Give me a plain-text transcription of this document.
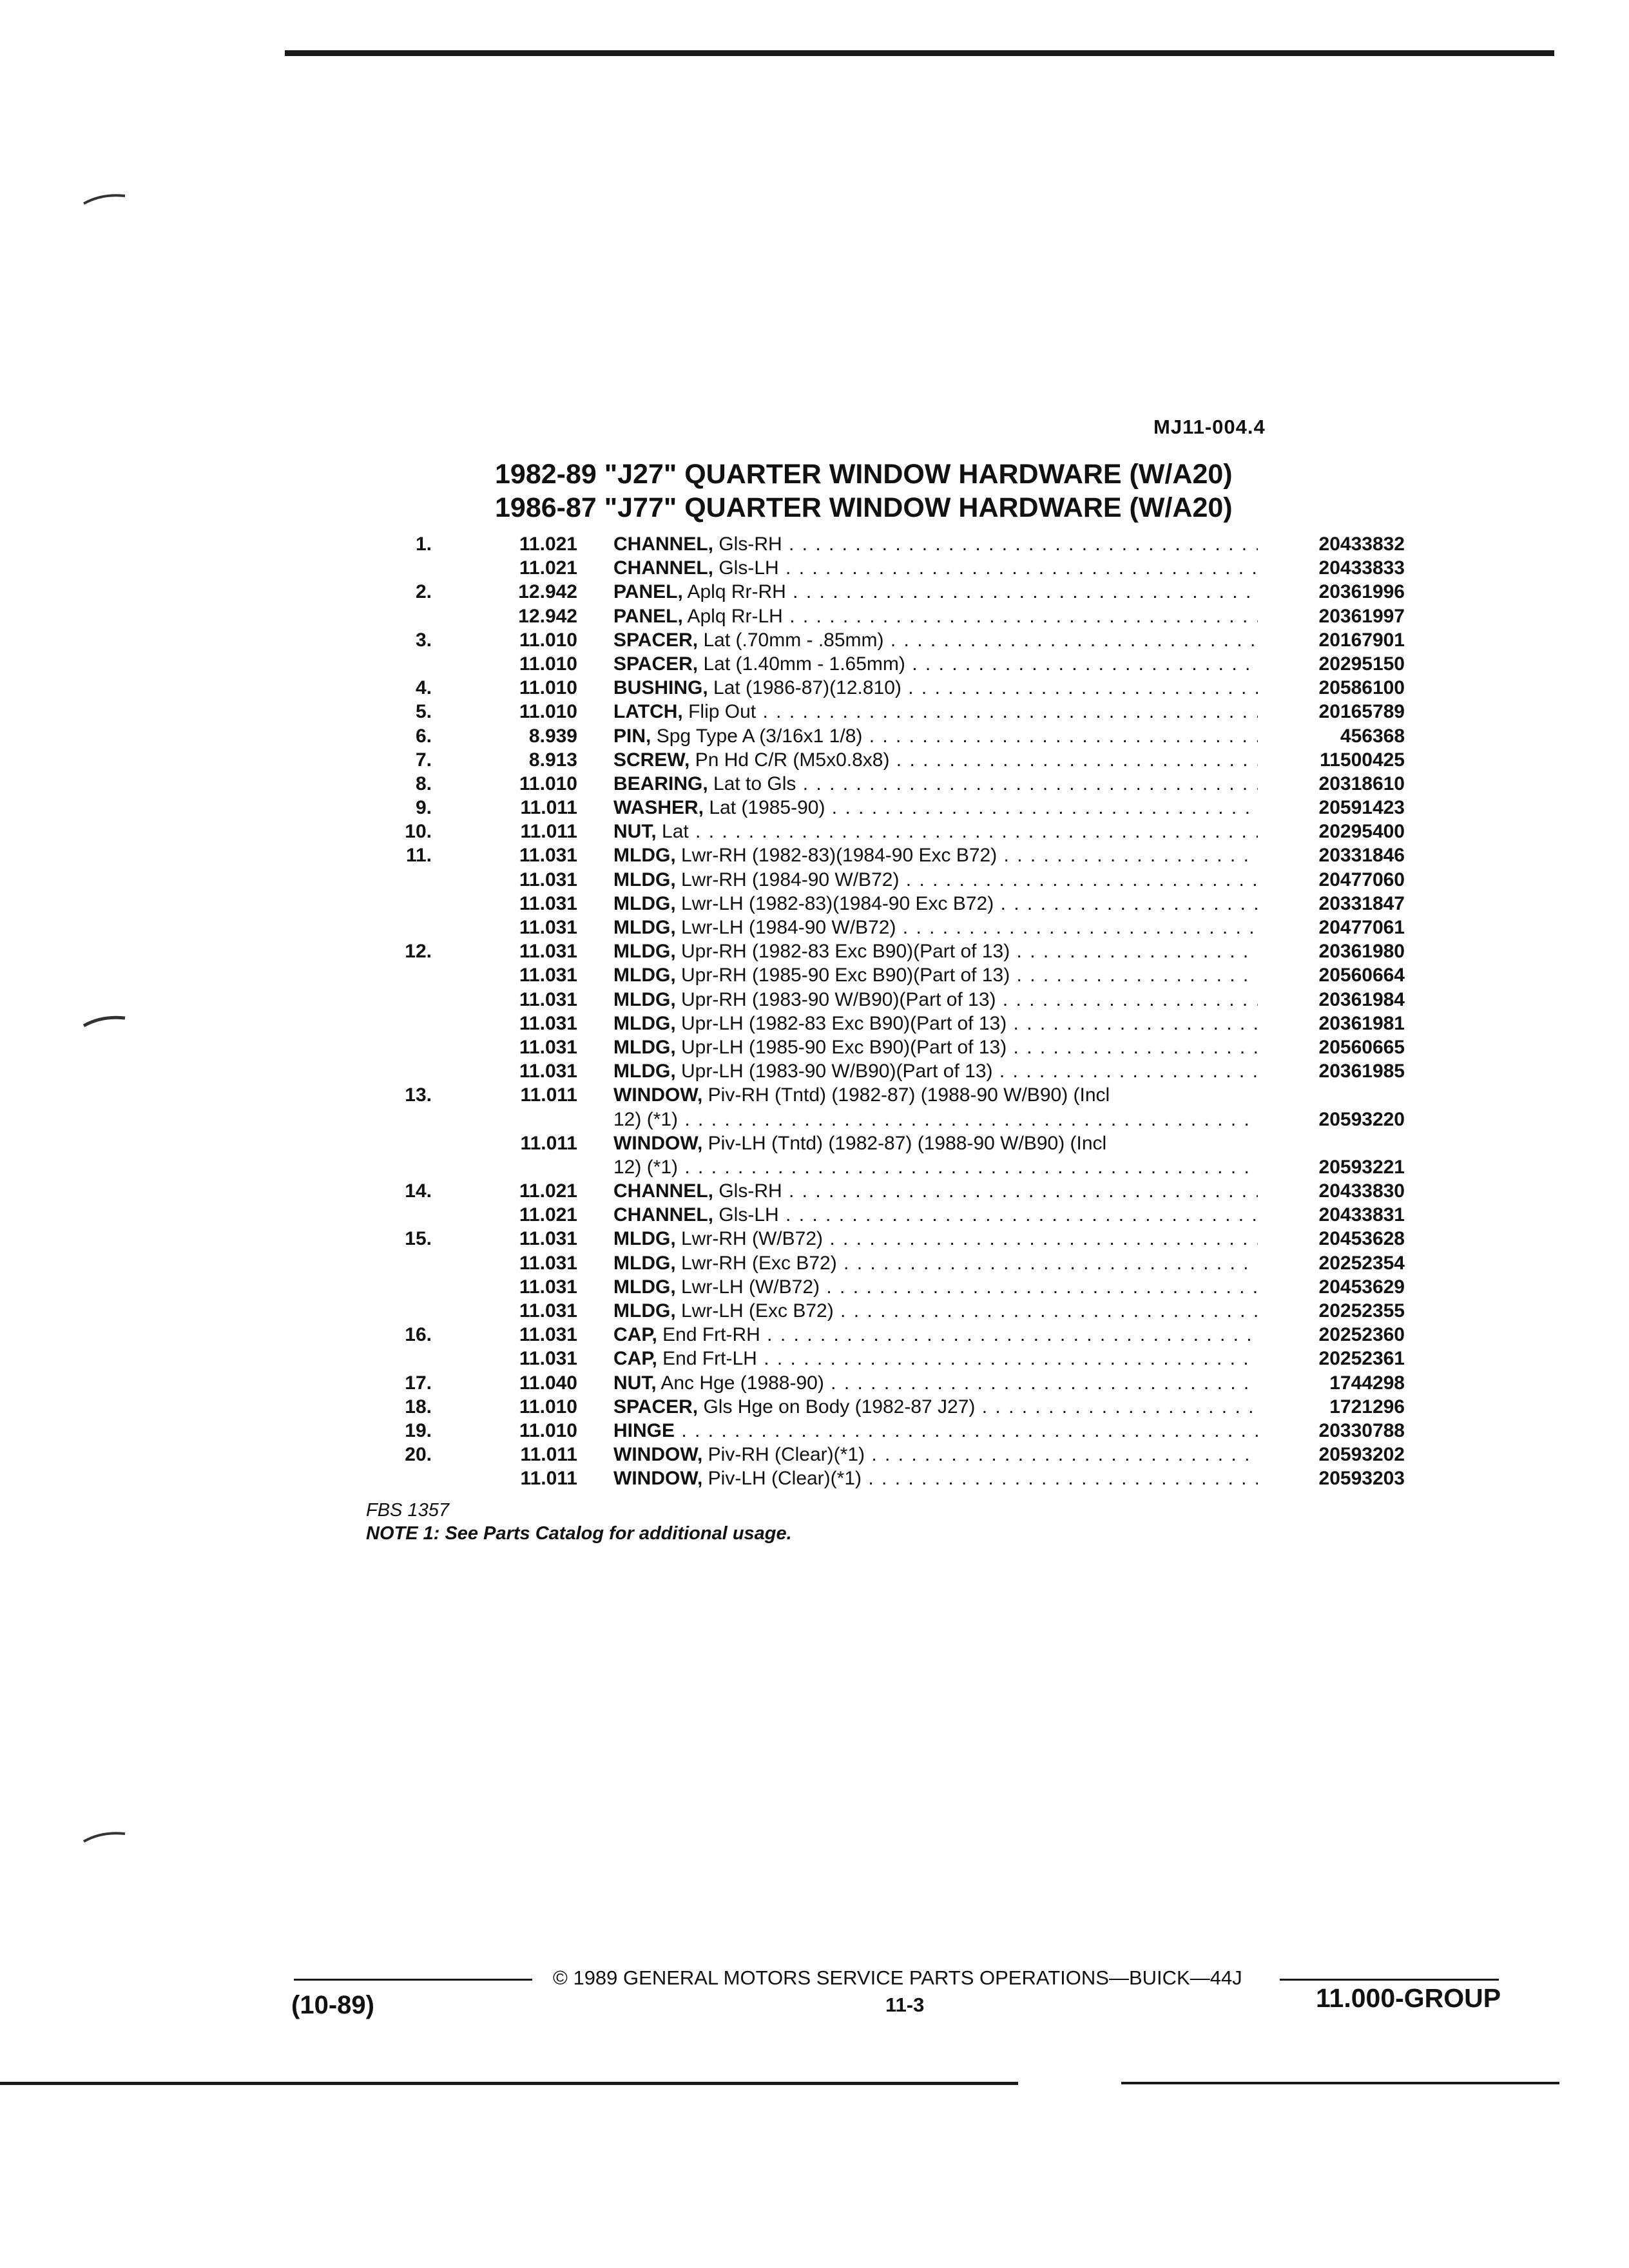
MJ11-004.4
1982-89 "J27" QUARTER WINDOW HARDWARE (W/A20)
1986-87 "J77" QUARTER WINDOW HARDWARE (W/A20)
1.	11.021 CHANNEL, Gls-RH . . .	20433832
11.021 CHANNEL, Gls-LH . . .	20433833
2.	12.942 PANEL, Aplq Rr-RH . . .	20361996
12.942 PANEL, Aplq Rr-LH . . .	20361997
3.	11.010 SPACER, Lat (.70mm - .85mm) . . .	20167901
11.010 SPACER, Lat (1.40mm - 1.65mm) . . .	20295150
4.	11.010 BUSHING, Lat (1986-87)(12.810) . . .	20586100
5.	11.010 LATCH, Flip Out . . .	20165789
6.	8.939 PIN, Spg Type A (3/16x1 1/8) . . .	456368
7.	8.913 SCREW, Pn Hd C/R (M5x0.8x8) . . .	11500425
8.	11.010 BEARING, Lat to Gls . . .	20318610
9.	11.011 WASHER, Lat (1985-90) . . .	20591423
10.	11.011 NUT, Lat . . .	20295400
11.	11.031 MLDG, Lwr-RH (1982-83)(1984-90 Exc B72) . . .	20331846
11.031 MLDG, Lwr-RH (1984-90 W/B72) . . .	20477060
11.031 MLDG, Lwr-LH (1982-83)(1984-90 Exc B72) . . .	20331847
11.031 MLDG, Lwr-LH (1984-90 W/B72) . . .	20477061
12.	11.031 MLDG, Upr-RH (1982-83 Exc B90)(Part of 13) . . .	20361980
11.031 MLDG, Upr-RH (1985-90 Exc B90)(Part of 13) . . .	20560664
11.031 MLDG, Upr-RH (1983-90 W/B90)(Part of 13) . . .	20361984
11.031 MLDG, Upr-LH (1982-83 Exc B90)(Part of 13) . . .	20361981
11.031 MLDG, Upr-LH (1985-90 Exc B90)(Part of 13) . . .	20560665
11.031 MLDG, Upr-LH (1983-90 W/B90)(Part of 13) . . .	20361985
13.	11.011 WINDOW, Piv-RH (Tntd) (1982-87) (1988-90 W/B90) (Incl
12) (*1) . . .	20593220
11.011 WINDOW, Piv-LH (Tntd) (1982-87) (1988-90 W/B90) (Incl
12) (*1) . . .	20593221
14.	11.021 CHANNEL, Gls-RH . . .	20433830
11.021 CHANNEL, Gls-LH . . .	20433831
15.	11.031 MLDG, Lwr-RH (W/B72) . . .	20453628
11.031 MLDG, Lwr-RH (Exc B72) . . .	20252354
11.031 MLDG, Lwr-LH (W/B72) . . .	20453629
11.031 MLDG, Lwr-LH (Exc B72) . . .	20252355
16.	11.031 CAP, End Frt-RH . . .	20252360
11.031 CAP, End Frt-LH . . .	20252361
17.	11.040 NUT, Anc Hge (1988-90) . . .	1744298
18.	11.010 SPACER, Gls Hge on Body (1982-87 J27) . . .	1721296
19.	11.010 HINGE . . .	20330788
20.	11.011 WINDOW, Piv-RH (Clear)(*1) . . .	20593202
11.011 WINDOW, Piv-LH (Clear)(*1) . . .	20593203
FBS 1357
NOTE 1: See Parts Catalog for additional usage.
© 1989 GENERAL MOTORS SERVICE PARTS OPERATIONS—BUICK—44J
(10-89)	11-3	11.000-GROUP
